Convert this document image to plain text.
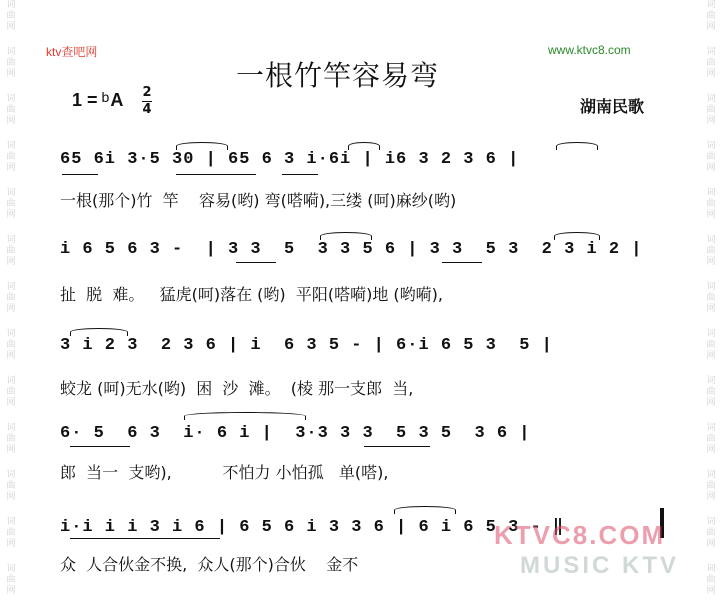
词
曲
网
词
曲
网
词
曲
网
词
曲
网
词
曲
网
词
曲
网
词
曲
网
词
曲
网
词
曲
网
词
曲
网
词
曲
网
词
曲
网
词
曲
网
词
曲
网
词
曲
网
词
曲
网
词
曲
网
词
曲
网
词
曲
网
词
曲
网
词
曲
网
词
曲
网
词
曲
网
词
曲
网
词
曲
网
词
曲
网
ktv查吧网	www.ktvc8.com
一根竹竿容易弯
1 = b A 2
4	湖南民歌
65 6i 3·5 30 | 65 6 3 i·6i | i6 3 2 3 6 |
一根(那个)竹  竿    容易(哟) 弯(嗒嗬),三缕 (呵)麻纱(哟)
i 6 5 6 3 -  | 3 3  5  3 3 5 6 | 3 3  5 3  2 3 i 2 |
扯  脱  难。   猛虎(呵)落在 (哟)  平阳(嗒嗬)地 (哟嗬),
3 i 2 3  2 3 6 | i  6 3 5 - | 6·i 6 5 3  5 |
蛟龙 (呵)无水(哟)  困  沙  滩。  (棱 那一支郎  当,
6· 5  6 3  i· 6 i |  3·3 3 3  5 3 5  3 6 |
郎  当一  支哟),          不怕力 小怕孤   单(嗒),
i·i i i 3 i 6 | 6 5 6 i 3 3 6 | 6 i 6 5 3 - ‖
众  人合伙金不换,  众人(那个)合伙    金不
KTVC8.COM
MUSIC KTV
